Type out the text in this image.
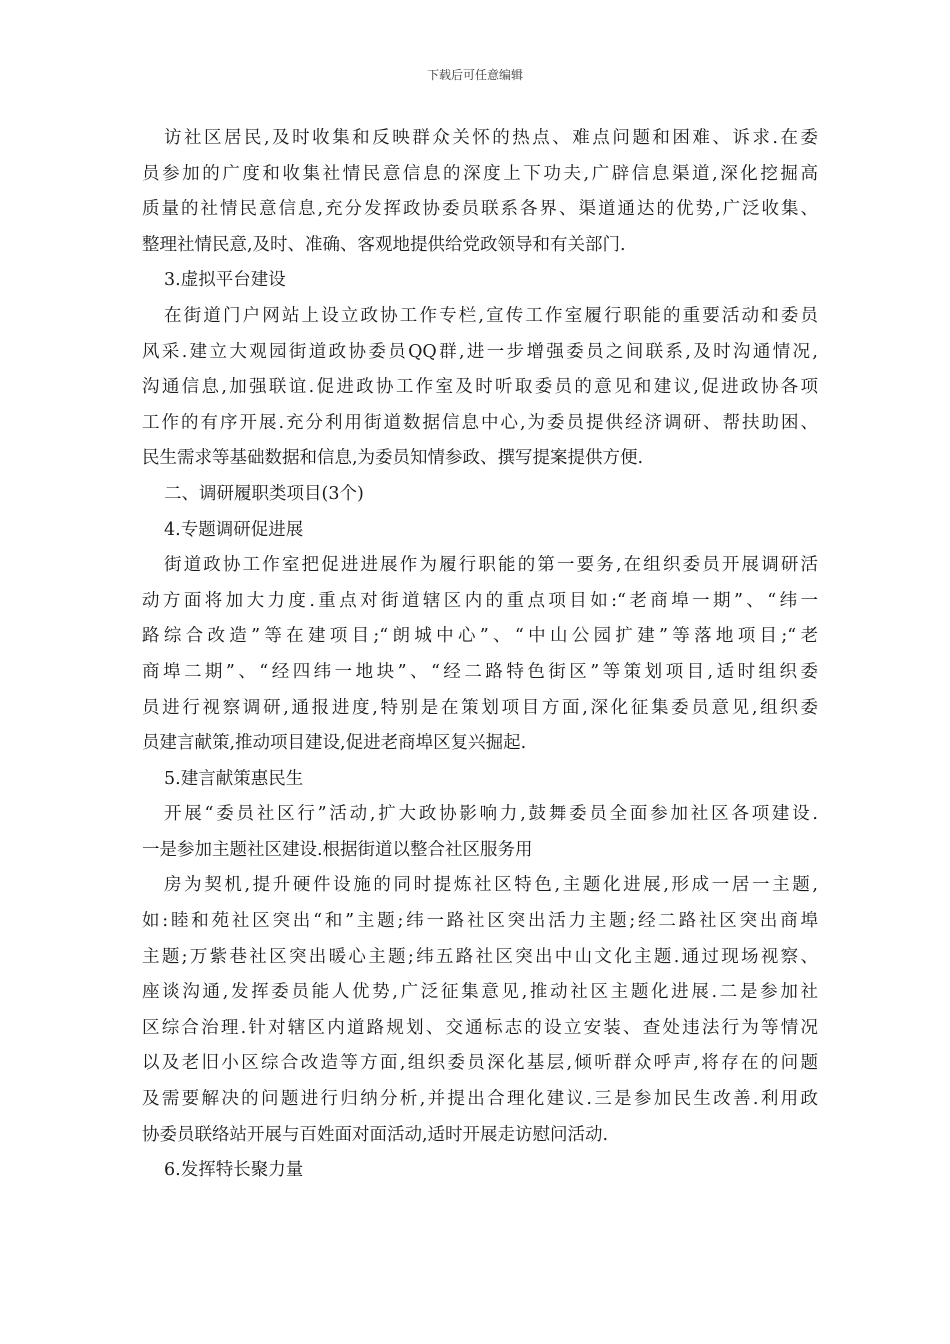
下载后可任意编辑
访社区居民,及时收集和反映群众关怀的热点、难点问题和困难、诉求.在委
员参加的广度和收集社情民意信息的深度上下功夫,广辟信息渠道,深化挖掘高
质量的社情民意信息,充分发挥政协委员联系各界、渠道通达的优势,广泛收集、
整理社情民意,及时、准确、客观地提供给党政领导和有关部门.
3.虚拟平台建设
在街道门户网站上设立政协工作专栏,宣传工作室履行职能的重要活动和委员
风采.建立大观园街道政协委员QQ群,进一步增强委员之间联系,及时沟通情况,
沟通信息,加强联谊.促进政协工作室及时听取委员的意见和建议,促进政协各项
工作的有序开展.充分利用街道数据信息中心,为委员提供经济调研、帮扶助困、
民生需求等基础数据和信息,为委员知情参政、撰写提案提供方便.
二、调研履职类项目(3个)
4.专题调研促进展
街道政协工作室把促进进展作为履行职能的第一要务,在组织委员开展调研活
动方面将加大力度.重点对街道辖区内的重点项目如:“老商埠一期”、“纬一
路综合改造”等在建项目;“朗城中心”、“中山公园扩建”等落地项目;“老
商埠二期”、“经四纬一地块”、“经二路特色街区”等策划项目,适时组织委
员进行视察调研,通报进度,特别是在策划项目方面,深化征集委员意见,组织委
员建言献策,推动项目建设,促进老商埠区复兴掘起.
5.建言献策惠民生
开展“委员社区行”活动,扩大政协影响力,鼓舞委员全面参加社区各项建设.
一是参加主题社区建设.根据街道以整合社区服务用
房为契机,提升硬件设施的同时提炼社区特色,主题化进展,形成一居一主题,
如:睦和苑社区突出“和”主题;纬一路社区突出活力主题;经二路社区突出商埠
主题;万紫巷社区突出暖心主题;纬五路社区突出中山文化主题.通过现场视察、
座谈沟通,发挥委员能人优势,广泛征集意见,推动社区主题化进展.二是参加社
区综合治理.针对辖区内道路规划、交通标志的设立安装、查处违法行为等情况
以及老旧小区综合改造等方面,组织委员深化基层,倾听群众呼声,将存在的问题
及需要解决的问题进行归纳分析,并提出合理化建议.三是参加民生改善.利用政
协委员联络站开展与百姓面对面活动,适时开展走访慰问活动.
6.发挥特长聚力量
